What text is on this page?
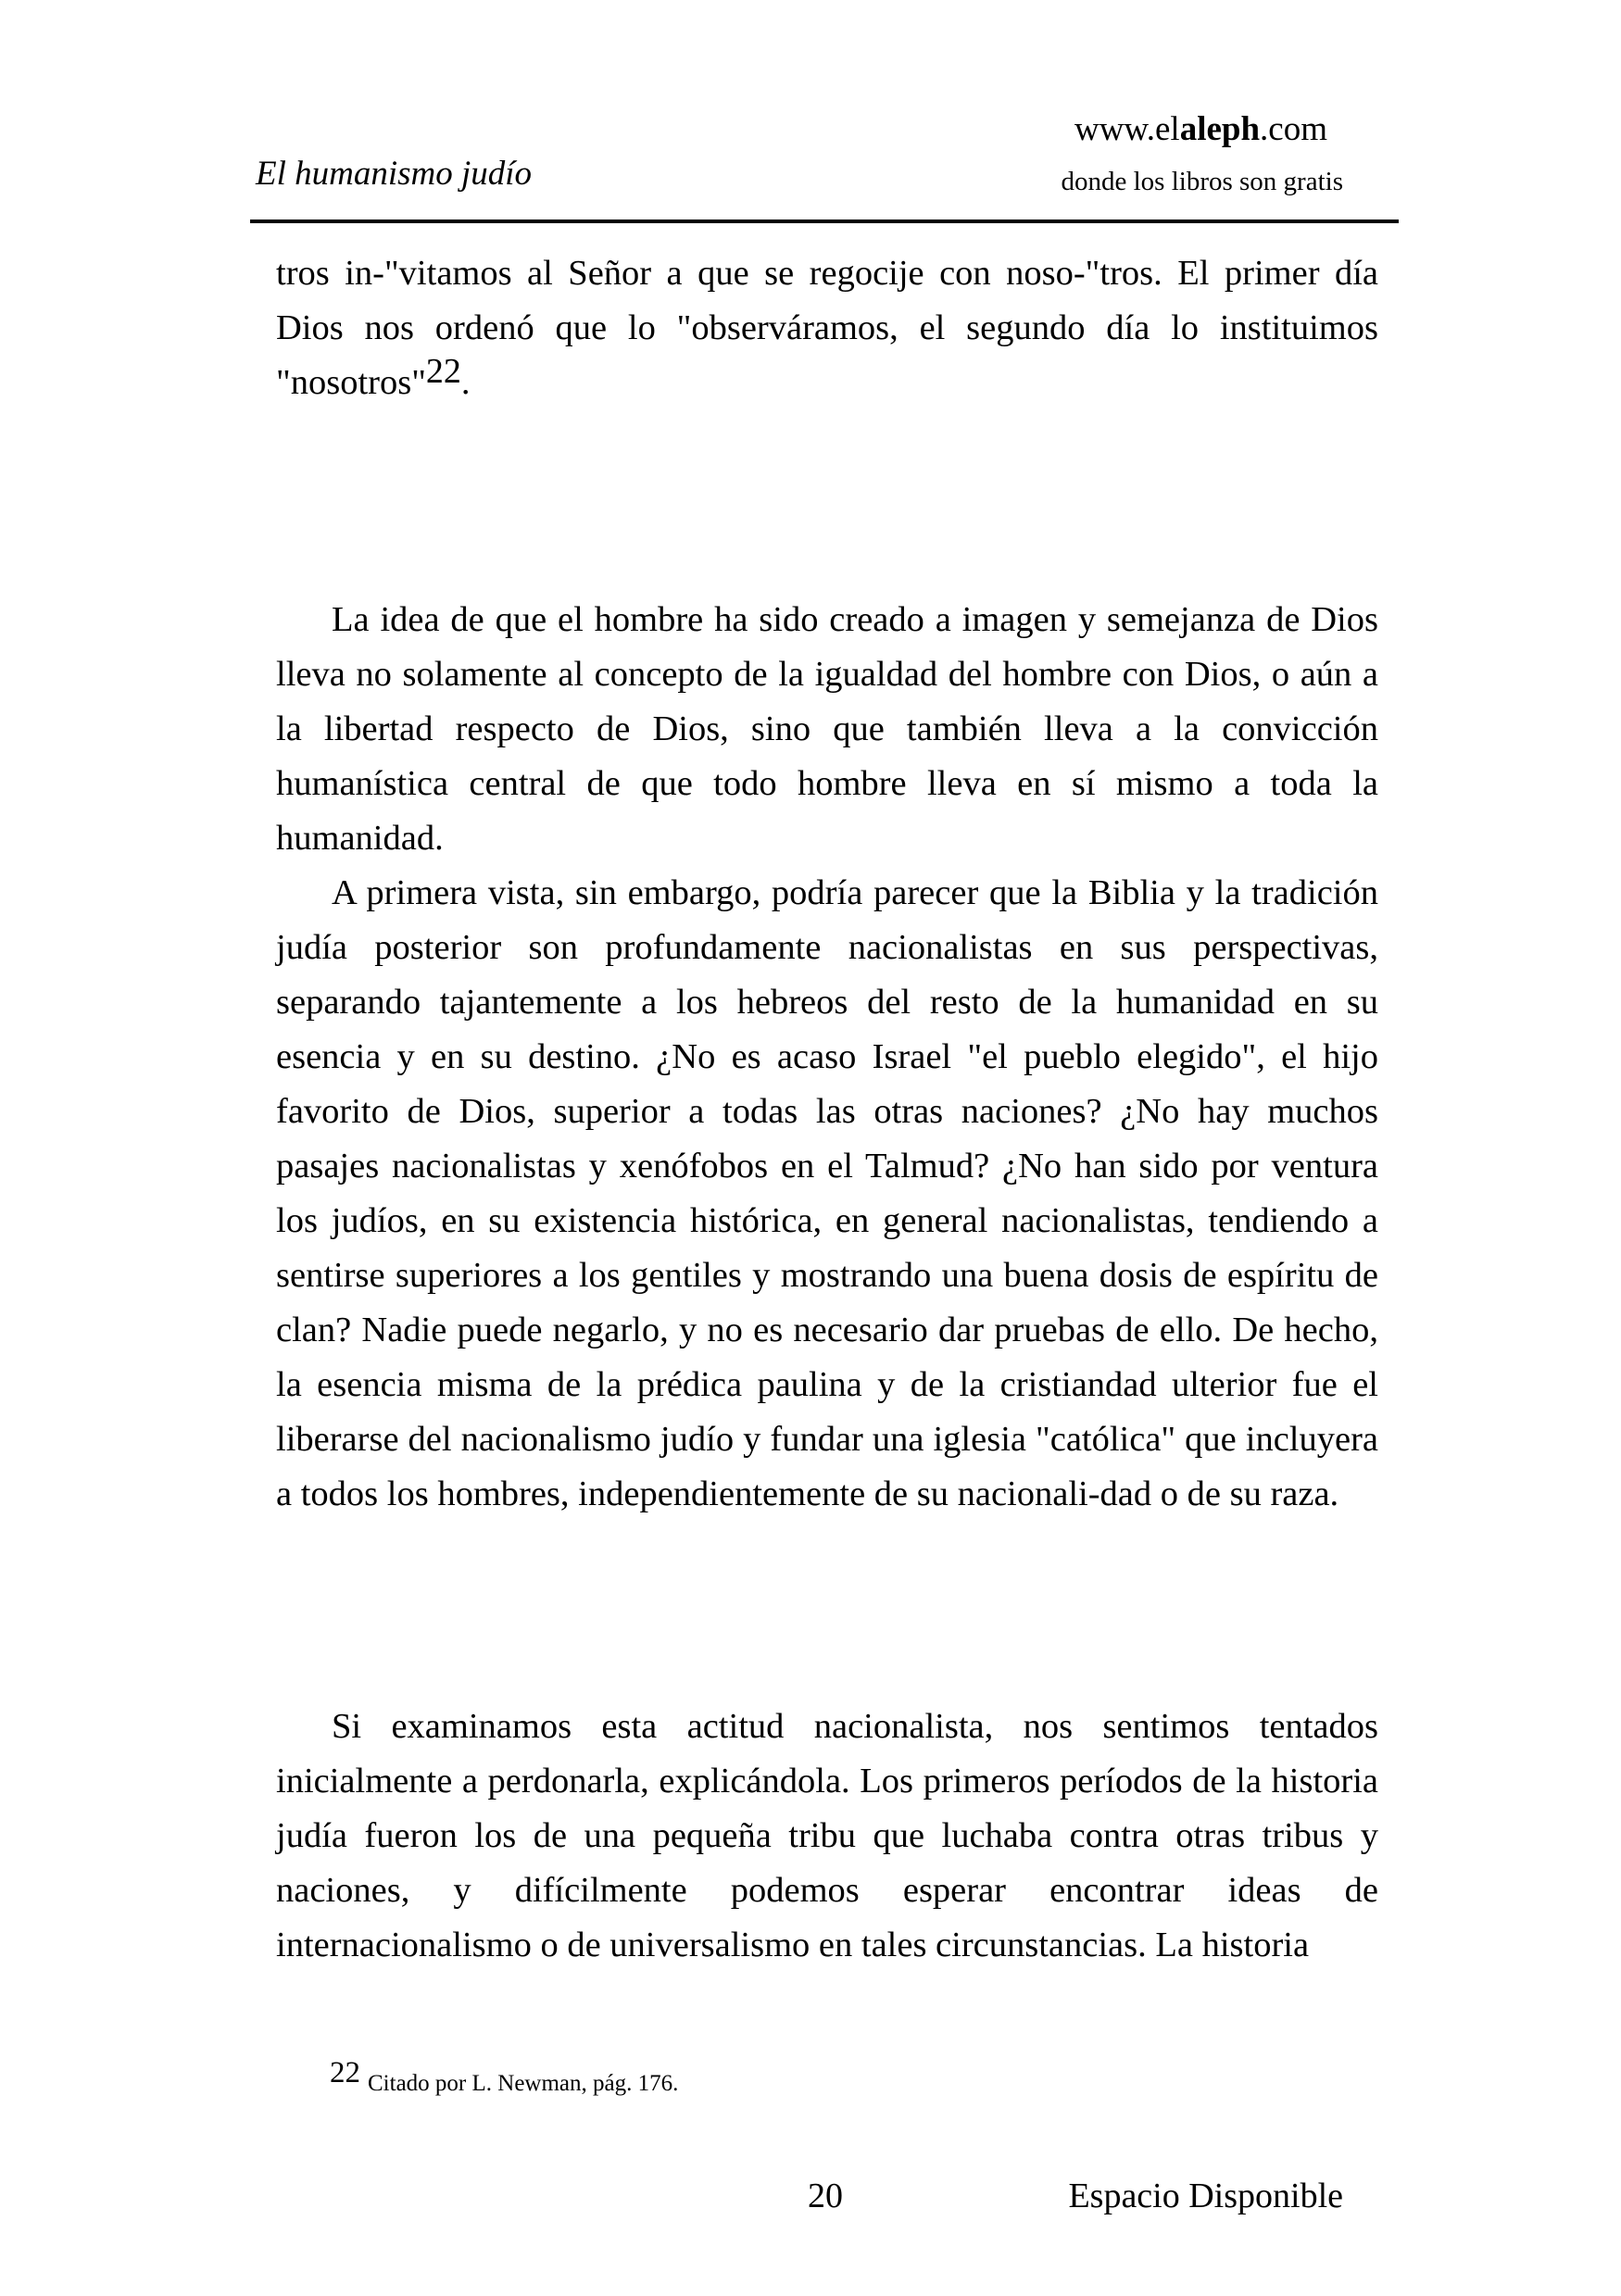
El humanismo judío
www.elaleph.com
donde los libros son gratis

tros in-"vitamos al Señor a que se regocije con noso-"tros. El primer día Dios nos ordenó que lo "observáramos, el segundo día lo instituimos "nosotros"22.

La idea de que el hombre ha sido creado a imagen y semejanza de Dios lleva no solamente al concepto de la igualdad del hombre con Dios, o aún a la libertad respecto de Dios, sino que también lleva a la convicción humanística central de que todo hombre lleva en sí mismo a toda la humanidad.

A primera vista, sin embargo, podría parecer que la Biblia y la tradición judía posterior son profundamente nacionalistas en sus perspectivas, separando tajantemente a los hebreos del resto de la humanidad en su esencia y en su destino. ¿No es acaso Israel "el pueblo elegido", el hijo favorito de Dios, superior a todas las otras naciones? ¿No hay muchos pasajes nacionalistas y xenófobos en el Talmud? ¿No han sido por ventura los judíos, en su existencia histórica, en general nacionalistas, tendiendo a sentirse superiores a los gentiles y mostrando una buena dosis de espíritu de clan? Nadie puede negarlo, y no es necesario dar pruebas de ello. De hecho, la esencia misma de la prédica paulina y de la cristiandad ulterior fue el liberarse del nacionalismo judío y fundar una iglesia "católica" que incluyera a todos los hombres, independientemente de su nacionali-dad o de su raza.

Si examinamos esta actitud nacionalista, nos sentimos tentados inicialmente a perdonarla, explicándola. Los primeros períodos de la historia judía fueron los de una pequeña tribu que luchaba contra otras tribus y naciones, y difícilmente podemos esperar encontrar ideas de internacionalismo o de universalismo en tales circunstancias. La historia

22 Citado por L. Newman, pág. 176.
20	Espacio Disponible
